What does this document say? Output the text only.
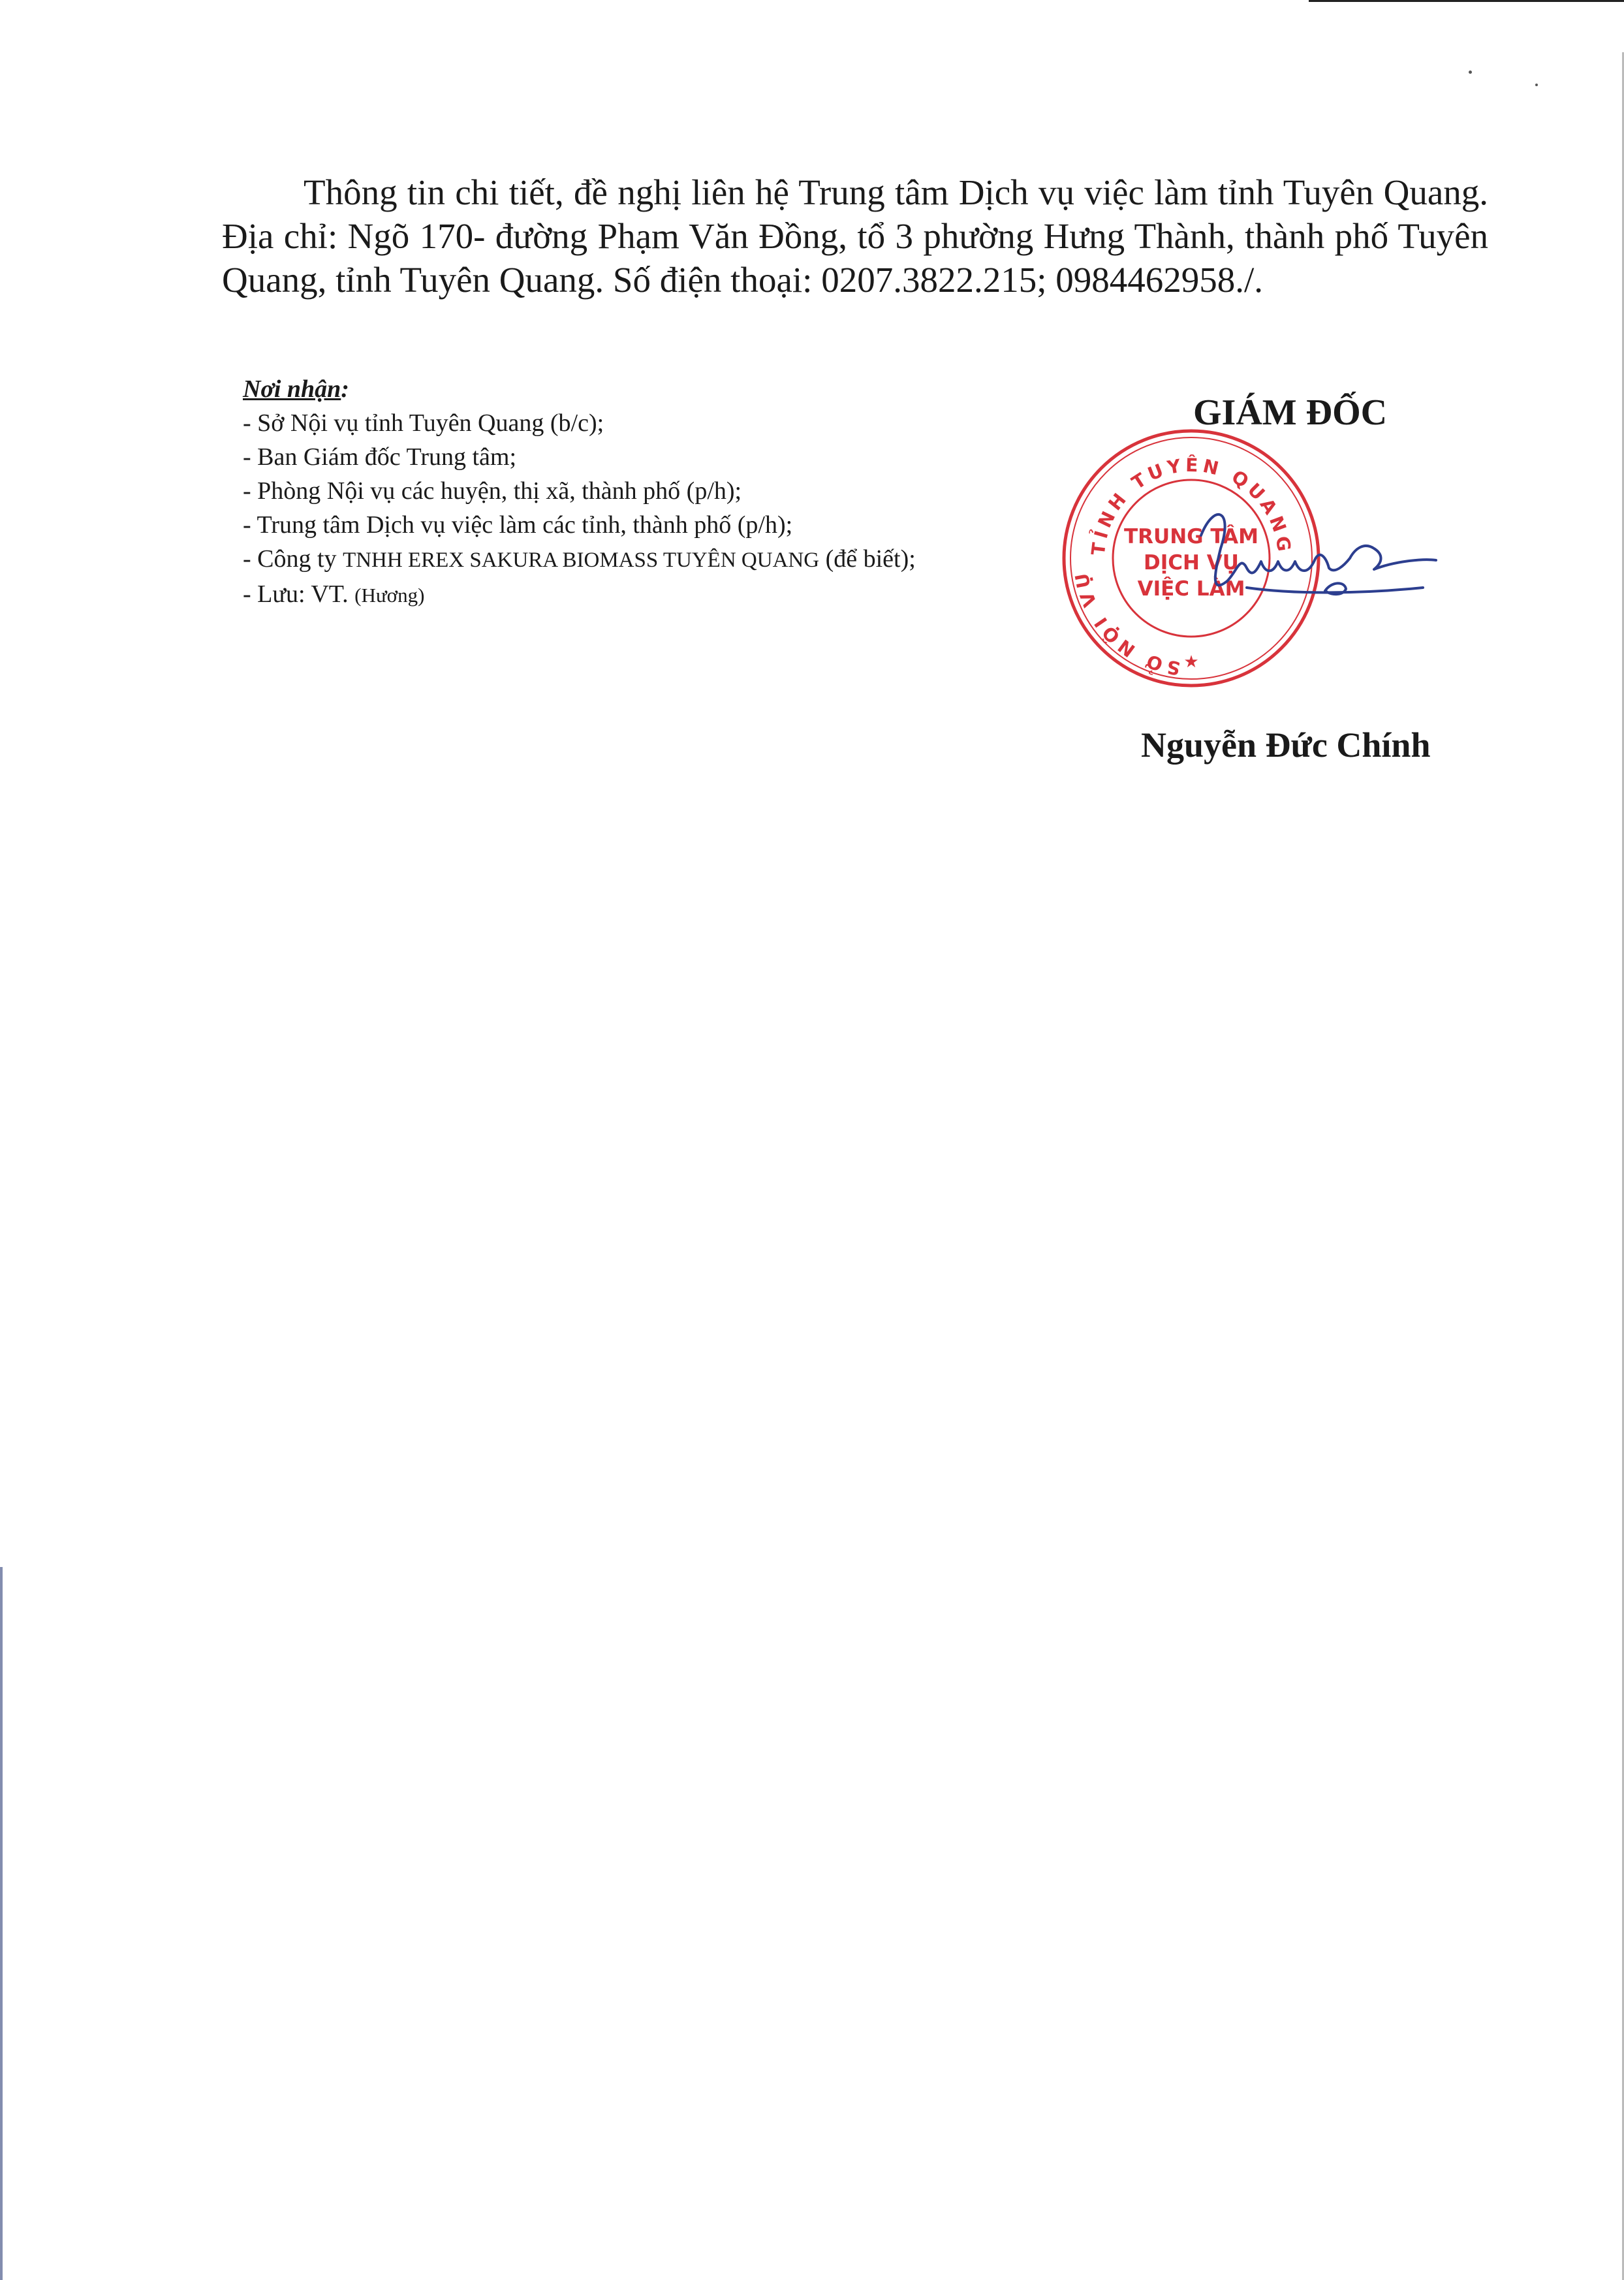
Thông tin chi tiết, đề nghị liên hệ Trung tâm Dịch vụ việc làm tỉnh Tuyên Quang. Địa chỉ: Ngõ 170- đường Phạm Văn Đồng, tổ 3 phường Hưng Thành, thành phố Tuyên Quang, tỉnh Tuyên Quang. Số điện thoại: 0207.3822.215; 0984462958./.

Nơi nhận:
- Sở Nội vụ tỉnh Tuyên Quang (b/c);
- Ban Giám đốc Trung tâm;
- Phòng Nội vụ các huyện, thị xã, thành phố (p/h);
- Trung tâm Dịch vụ việc làm các tỉnh, thành phố (p/h);
- Công ty TNHH EREX SAKURA BIOMASS TUYÊN QUANG (để biết);
- Lưu: VT. (Hương)
TỈNH TUYÊN QUANG
SỞ NỘI VỤ
TRUNG TÂM
DỊCH VỤ
VIỆC LÀM
★
GIÁM ĐỐC
Nguyễn Đức Chính
